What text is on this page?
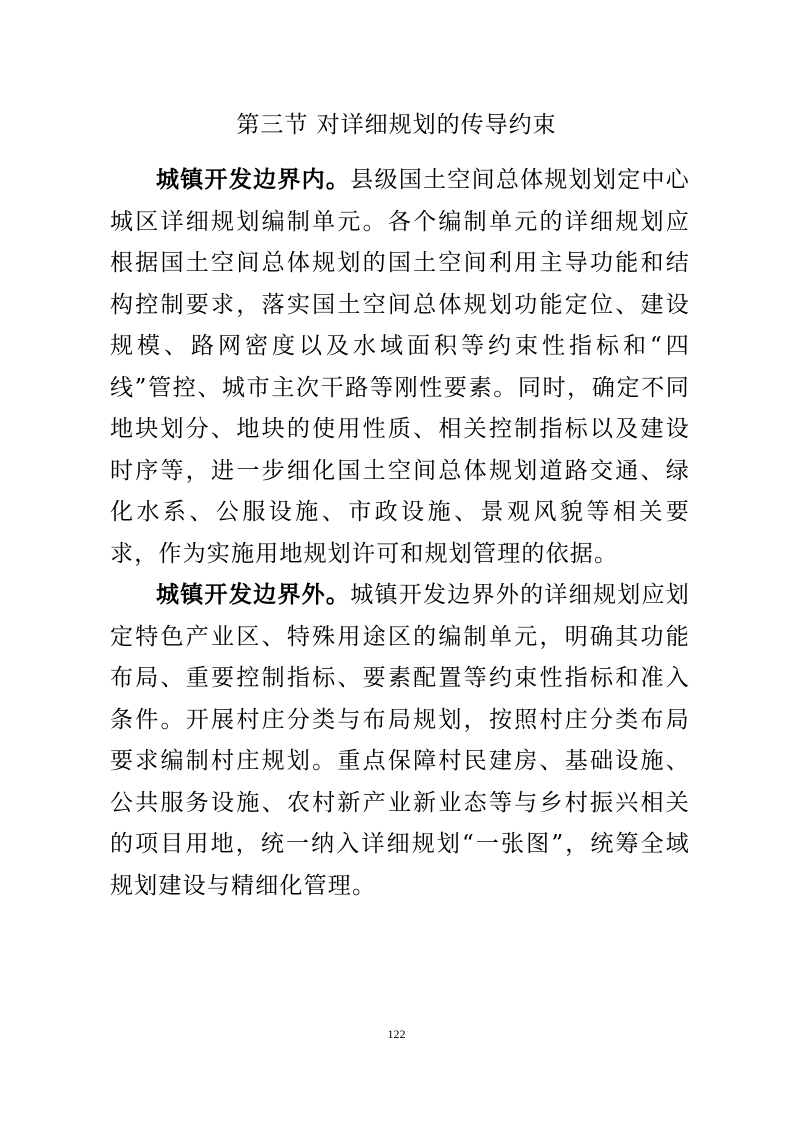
第三节 对详细规划的传导约束

城镇开发边界内。县级国土空间总体规划划定中心城区详细规划编制单元。各个编制单元的详细规划应根据国土空间总体规划的国土空间利用主导功能和结构控制要求，落实国土空间总体规划功能定位、建设规模、路网密度以及水域面积等约束性指标和“四线”管控、城市主次干路等刚性要素。同时，确定不同地块划分、地块的使用性质、相关控制指标以及建设时序等，进一步细化国土空间总体规划道路交通、绿化水系、公服设施、市政设施、景观风貌等相关要求，作为实施用地规划许可和规划管理的依据。

城镇开发边界外。城镇开发边界外的详细规划应划定特色产业区、特殊用途区的编制单元，明确其功能布局、重要控制指标、要素配置等约束性指标和准入条件。开展村庄分类与布局规划，按照村庄分类布局要求编制村庄规划。重点保障村民建房、基础设施、公共服务设施、农村新产业新业态等与乡村振兴相关的项目用地，统一纳入详细规划“一张图”，统筹全域规划建设与精细化管理。

122
